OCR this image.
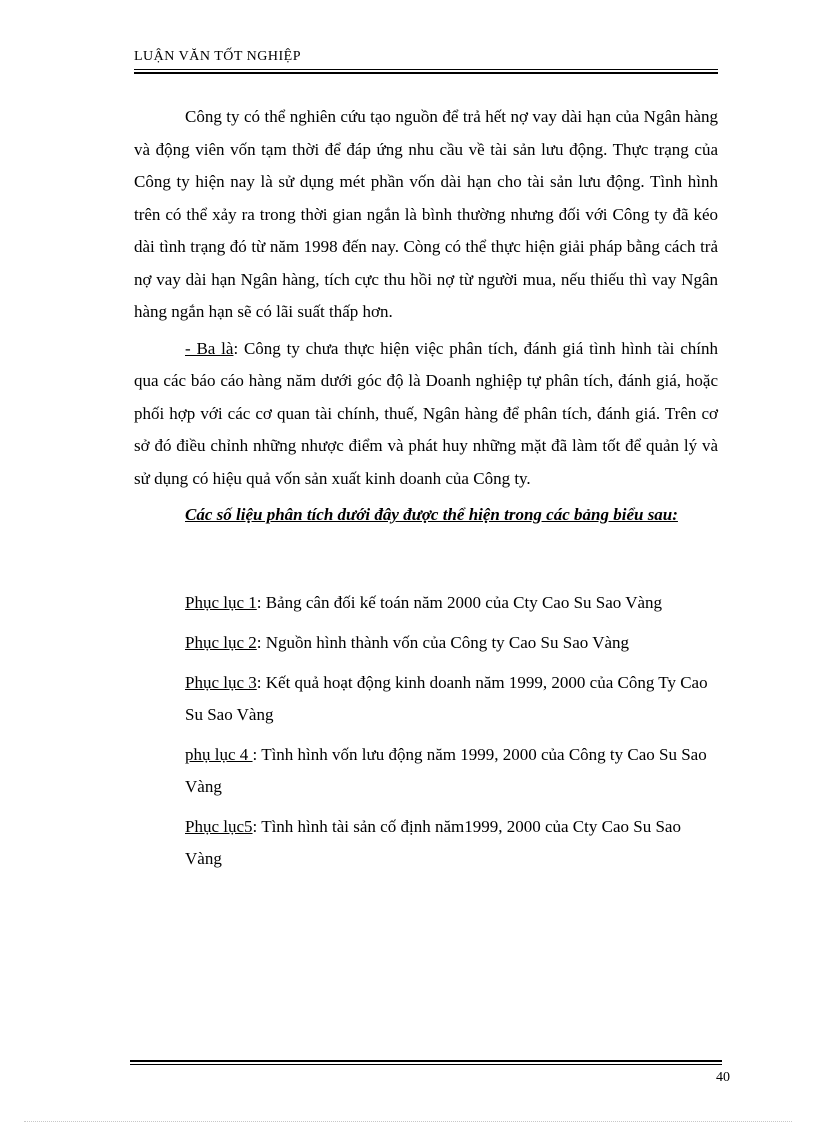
LUẬN VĂN TỐT NGHIỆP

Công ty có thể nghiên cứu tạo nguồn để trả hết nợ vay dài hạn của Ngân hàng và động viên vốn tạm thời để đáp ứng nhu cầu về tài sản lưu động. Thực trạng của Công ty hiện nay là sử dụng mét phần vốn dài hạn cho tài sản lưu động. Tình hình trên có thể xảy ra trong thời gian ngắn là bình thường nhưng đối với Công ty đã kéo dài tình trạng đó từ năm 1998 đến nay. Còng có thể thực hiện giải pháp bằng cách trả nợ vay dài hạn Ngân hàng, tích cực thu hồi nợ từ người mua, nếu thiếu thì vay Ngân hàng ngắn hạn sẽ có lãi suất thấp hơn.

- Ba là: Công ty chưa thực hiện việc phân tích, đánh giá tình hình tài chính qua các báo cáo hàng năm dưới góc độ là Doanh nghiệp tự phân tích, đánh giá, hoặc phối hợp với các cơ quan tài chính, thuế, Ngân hàng để phân tích, đánh giá. Trên cơ sở đó điều chỉnh những nhược điểm và phát huy những mặt đã làm tốt để quản lý và sử dụng có hiệu quả vốn sản xuất kinh doanh của Công ty.

Các số liệu phân tích dưới đây được thể hiện trong các bảng biểu sau:

Phục lục 1: Bảng cân đối kế toán năm 2000 của Cty Cao Su Sao Vàng

Phục lục 2: Nguồn hình thành vốn của Công ty Cao Su Sao Vàng

Phục lục 3: Kết quả hoạt động kinh doanh năm 1999, 2000 của Công Ty Cao Su Sao Vàng

phụ lục 4 : Tình hình vốn lưu động năm 1999, 2000 của Công ty Cao Su Sao Vàng

Phục lục5: Tình hình tài sản cố định năm1999, 2000 của Cty Cao Su Sao Vàng

40
